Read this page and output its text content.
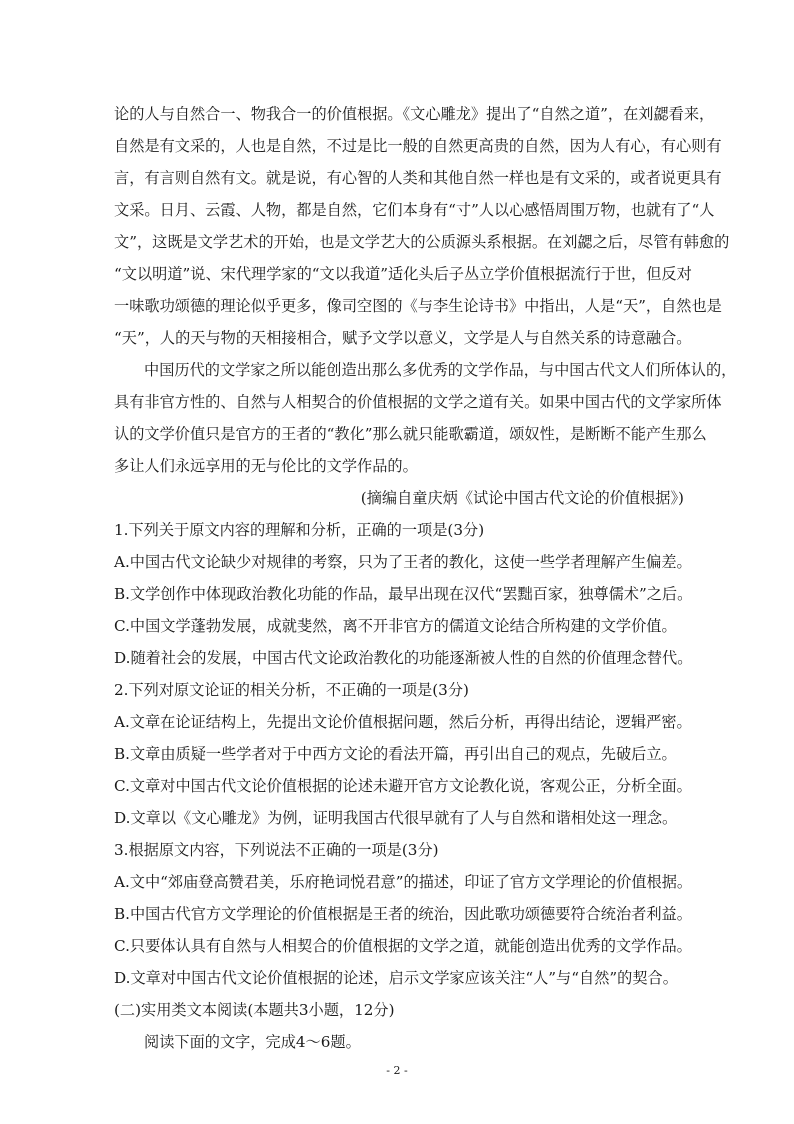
论的人与自然合一、物我合一的价值根据。《文心雕龙》提出了“自然之道”，在刘勰看来，
自然是有文采的，人也是自然，不过是比一般的自然更高贵的自然，因为人有心，有心则有
言，有言则自然有文。就是说，有心智的人类和其他自然一样也是有文采的，或者说更具有
文采。日月、云霞、人物，都是自然，它们本身有“寸”人以心感悟周围万物，也就有了“人
文”，这既是文学艺术的开始，也是文学艺大的公质源头系根据。在刘勰之后，尽管有韩愈的
“文以明道”说、宋代理学家的“文以我道”适化头后子丛立学价值根据流行于世，但反对
一味歌功颂德的理论似乎更多，像司空图的《与李生论诗书》中指出，人是“天”，自然也是
“天”，人的天与物的天相接相合，赋予文学以意义，文学是人与自然关系的诗意融合。
中国历代的文学家之所以能创造出那么多优秀的文学作品，与中国古代文人们所体认的，
具有非官方性的、自然与人相契合的价值根据的文学之道有关。如果中国古代的文学家所体
认的文学价值只是官方的王者的“教化”那么就只能歌霸道，颂奴性，是断断不能产生那么
多让人们永远享用的无与伦比的文学作品的。
(摘编自童庆炳《试论中国古代文论的价值根据》)
1.下列关于原文内容的理解和分析，正确的一项是(3分)
A.中国古代文论缺少对规律的考察，只为了王者的教化，这使一些学者理解产生偏差。
B.文学创作中体现政治教化功能的作品，最早出现在汉代“罢黜百家，独尊儒术”之后。
C.中国文学蓬勃发展，成就斐然，离不开非官方的儒道文论结合所构建的文学价值。
D.随着社会的发展，中国古代文论政治教化的功能逐渐被人性的自然的价值理念替代。
2.下列对原文论证的相关分析，不正确的一项是(3分)
A.文章在论证结构上，先提出文论价值根据问题，然后分析，再得出结论，逻辑严密。
B.文章由质疑一些学者对于中西方文论的看法开篇，再引出自己的观点，先破后立。
C.文章对中国古代文论价值根据的论述未避开官方文论教化说，客观公正，分析全面。
D.文章以《文心雕龙》为例，证明我国古代很早就有了人与自然和谐相处这一理念。
3.根据原文内容，下列说法不正确的一项是(3分)
A.文中“郊庙登高赞君美，乐府艳词悦君意”的描述，印证了官方文学理论的价值根据。
B.中国古代官方文学理论的价值根据是王者的统治，因此歌功颂德要符合统治者利益。
C.只要体认具有自然与人相契合的价值根据的文学之道，就能创造出优秀的文学作品。
D.文章对中国古代文论价值根据的论述，启示文学家应该关注“人”与“自然”的契合。
(二)实用类文本阅读(本题共3小题，12分)
阅读下面的文字，完成4～6题。
- 2 -
